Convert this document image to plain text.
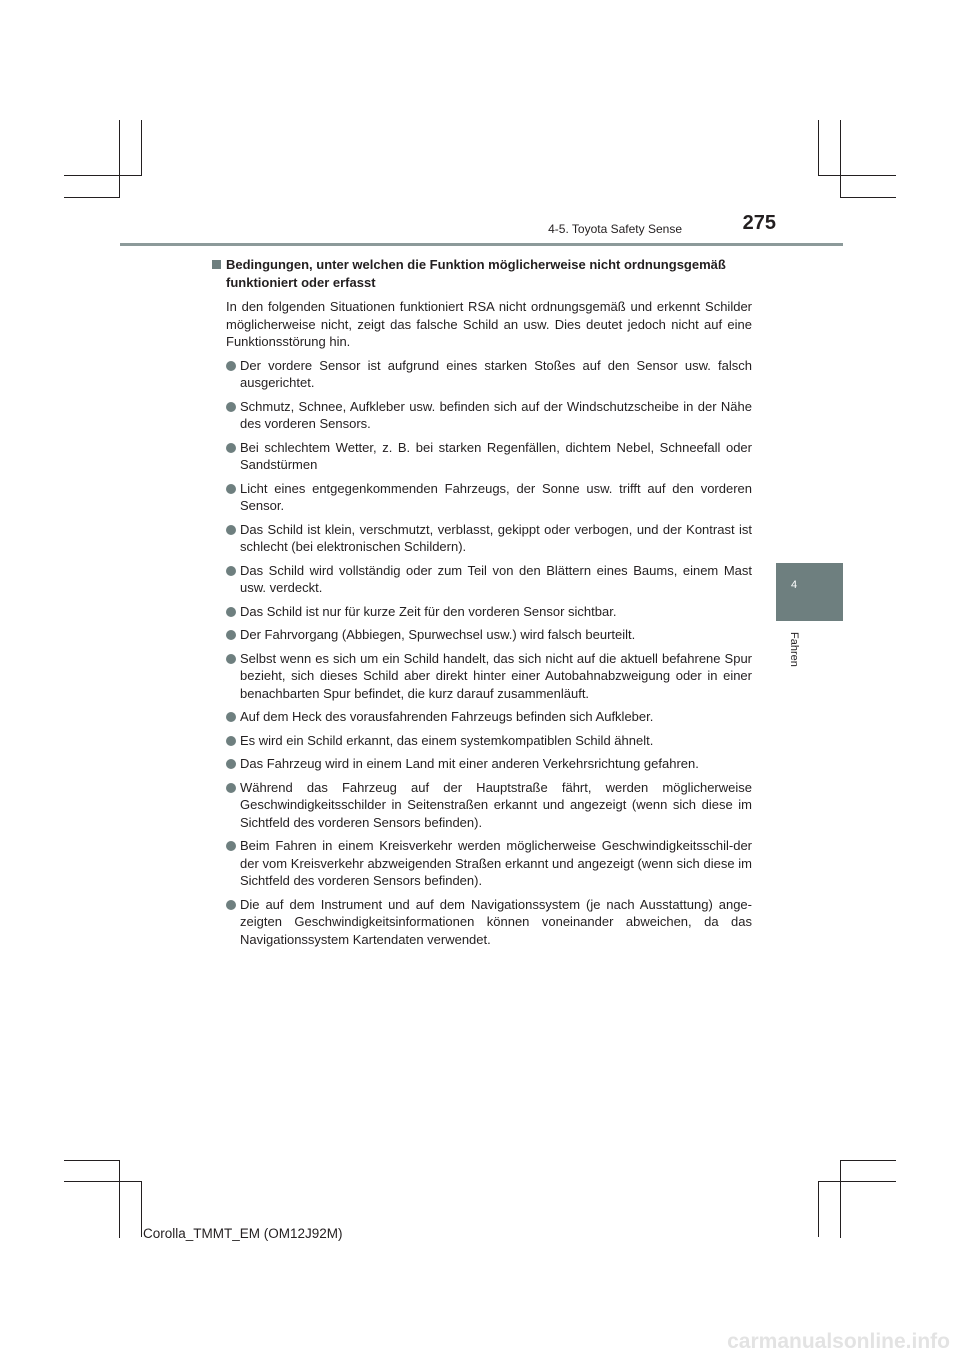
4-5. Toyota Safety Sense	275
4
Fahren

Bedingungen, unter welchen die Funktion möglicherweise nicht ordnungsgemäß funktioniert oder erfasst

In den folgenden Situationen funktioniert RSA nicht ordnungsgemäß und erkennt Schilder möglicherweise nicht, zeigt das falsche Schild an usw. Dies deutet jedoch nicht auf eine Funktionsstörung hin.

Der vordere Sensor ist aufgrund eines starken Stoßes auf den Sensor usw. falsch ausgerichtet.
Schmutz, Schnee, Aufkleber usw. befinden sich auf der Windschutzscheibe in der Nähe des vorderen Sensors.
Bei schlechtem Wetter, z. B. bei starken Regenfällen, dichtem Nebel, Schneefall oder Sandstürmen
Licht eines entgegenkommenden Fahrzeugs, der Sonne usw. trifft auf den vorderen Sensor.
Das Schild ist klein, verschmutzt, verblasst, gekippt oder verbogen, und der Kontrast ist schlecht (bei elektronischen Schildern).
Das Schild wird vollständig oder zum Teil von den Blättern eines Baums, einem Mast usw. verdeckt.
Das Schild ist nur für kurze Zeit für den vorderen Sensor sichtbar.
Der Fahrvorgang (Abbiegen, Spurwechsel usw.) wird falsch beurteilt.
Selbst wenn es sich um ein Schild handelt, das sich nicht auf die aktuell befahrene Spur bezieht, sich dieses Schild aber direkt hinter einer Autobahnabzweigung oder in einer benachbarten Spur befindet, die kurz darauf zusammenläuft.
Auf dem Heck des vorausfahrenden Fahrzeugs befinden sich Aufkleber.
Es wird ein Schild erkannt, das einem systemkompatiblen Schild ähnelt.
Das Fahrzeug wird in einem Land mit einer anderen Verkehrsrichtung gefahren.
Während das Fahrzeug auf der Hauptstraße fährt, werden möglicherweise Geschwindigkeitsschilder in Seitenstraßen erkannt und angezeigt (wenn sich diese im Sichtfeld des vorderen Sensors befinden).
Beim Fahren in einem Kreisverkehr werden möglicherweise Geschwindigkeitsschil-der der vom Kreisverkehr abzweigenden Straßen erkannt und angezeigt (wenn sich diese im Sichtfeld des vorderen Sensors befinden).
Die auf dem Instrument und auf dem Navigationssystem (je nach Ausstattung) ange-zeigten Geschwindigkeitsinformationen können voneinander abweichen, da das Navigationssystem Kartendaten verwendet.
Corolla_TMMT_EM (OM12J92M)
carmanualsonline.info
